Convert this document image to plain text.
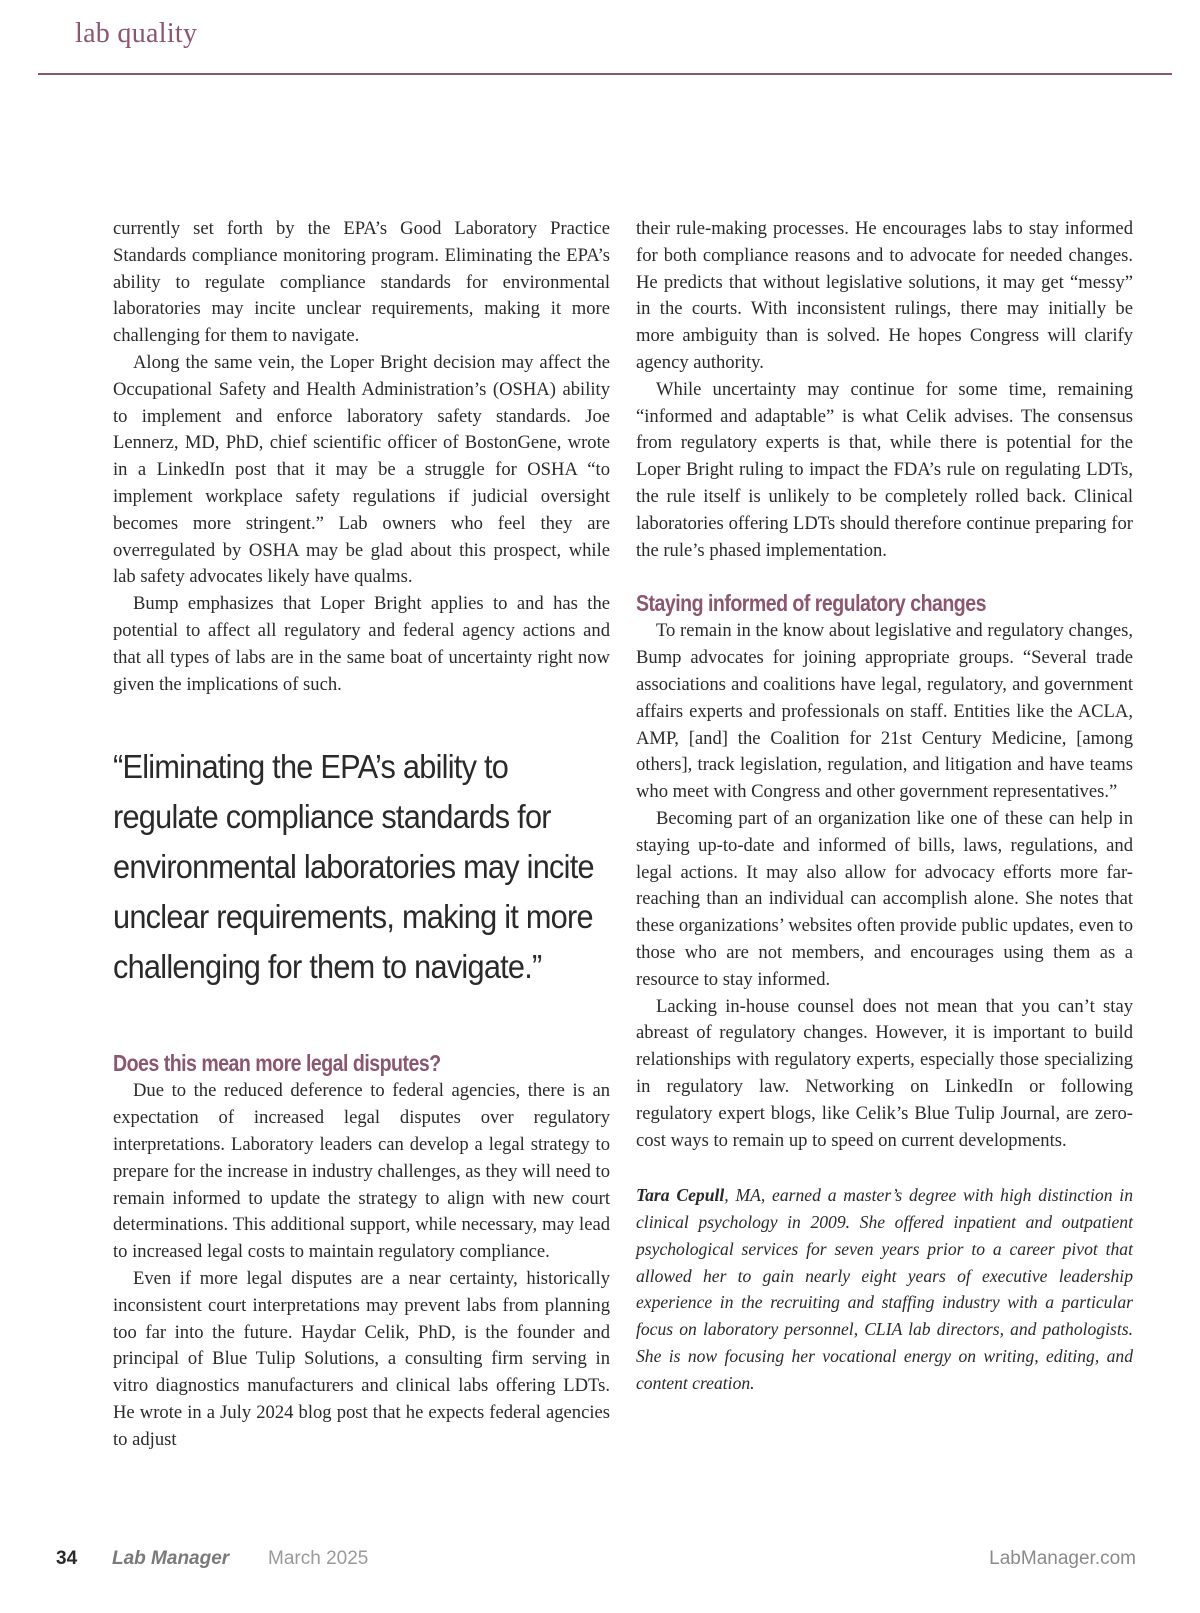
lab quality

currently set forth by the EPA’s Good Laboratory Practice Standards compliance monitoring program. Eliminating the EPA’s ability to regulate compliance standards for environmental laboratories may incite unclear requirements, making it more challenging for them to navigate.

Along the same vein, the Loper Bright decision may affect the Occupational Safety and Health Administration’s (OSHA) ability to implement and enforce laboratory safety standards. Joe Lennerz, MD, PhD, chief scientific officer of BostonGene, wrote in a LinkedIn post that it may be a struggle for OSHA “to implement workplace safety regulations if judicial oversight becomes more stringent.” Lab owners who feel they are overregulated by OSHA may be glad about this prospect, while lab safety advocates likely have qualms.

Bump emphasizes that Loper Bright applies to and has the potential to affect all regulatory and federal agency actions and that all types of labs are in the same boat of uncertainty right now given the implications of such.

“Eliminating the EPA’s ability to regulate compliance standards for environmental laboratories may incite unclear requirements, making it more challenging for them to navigate.”
Does this mean more legal disputes?

Due to the reduced deference to federal agencies, there is an expectation of increased legal disputes over regulatory interpretations. Laboratory leaders can develop a legal strategy to prepare for the increase in industry challenges, as they will need to remain informed to update the strategy to align with new court determinations. This additional support, while necessary, may lead to increased legal costs to maintain regulatory compliance.

Even if more legal disputes are a near certainty, historically inconsistent court interpretations may prevent labs from planning too far into the future. Haydar Celik, PhD, is the founder and principal of Blue Tulip Solutions, a consulting firm serving in vitro diagnostics manufacturers and clinical labs offering LDTs. He wrote in a July 2024 blog post that he expects federal agencies to adjust

their rule-making processes. He encourages labs to stay informed for both compliance reasons and to advocate for needed changes. He predicts that without legislative solutions, it may get “messy” in the courts. With inconsistent rulings, there may initially be more ambiguity than is solved. He hopes Congress will clarify agency authority.

While uncertainty may continue for some time, remaining “informed and adaptable” is what Celik advises. The consensus from regulatory experts is that, while there is potential for the Loper Bright ruling to impact the FDA’s rule on regulating LDTs, the rule itself is unlikely to be completely rolled back. Clinical laboratories offering LDTs should therefore continue preparing for the rule’s phased implementation.

Staying informed of regulatory changes

To remain in the know about legislative and regulatory changes, Bump advocates for joining appropriate groups. “Several trade associations and coalitions have legal, regulatory, and government affairs experts and professionals on staff. Entities like the ACLA, AMP, [and] the Coalition for 21st Century Medicine, [among others], track legislation, regulation, and litigation and have teams who meet with Congress and other government representatives.”

Becoming part of an organization like one of these can help in staying up-to-date and informed of bills, laws, regulations, and legal actions. It may also allow for advocacy efforts more far-reaching than an individual can accomplish alone. She notes that these organizations’ websites often provide public updates, even to those who are not members, and encourages using them as a resource to stay informed.

Lacking in-house counsel does not mean that you can’t stay abreast of regulatory changes. However, it is important to build relationships with regulatory experts, especially those specializing in regulatory law. Networking on LinkedIn or following regulatory expert blogs, like Celik’s Blue Tulip Journal, are zero-cost ways to remain up to speed on current developments.

Tara Cepull, MA, earned a master’s degree with high distinction in clinical psychology in 2009. She offered inpatient and outpatient psychological services for seven years prior to a career pivot that allowed her to gain nearly eight years of executive leadership experience in the recruiting and staffing industry with a particular focus on laboratory personnel, CLIA lab directors, and pathologists. She is now focusing her vocational energy on writing, editing, and content creation.
34 Lab Manager March 2025	LabManager.com
